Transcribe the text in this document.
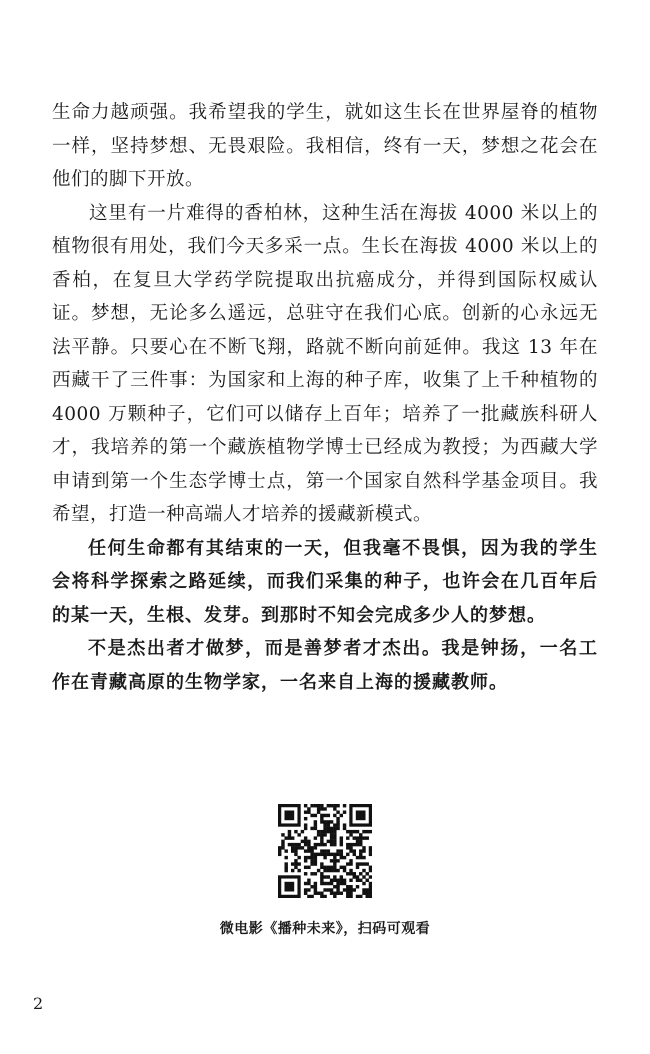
生命力越顽强。我希望我的学生，就如这生长在世界屋脊的植物一样，坚持梦想、无畏艰险。我相信，终有一天，梦想之花会在他们的脚下开放。

这里有一片难得的香柏林，这种生活在海拔 4000 米以上的植物很有用处，我们今天多采一点。生长在海拔 4000 米以上的香柏，在复旦大学药学院提取出抗癌成分，并得到国际权威认证。梦想，无论多么遥远，总驻守在我们心底。创新的心永远无法平静。只要心在不断飞翔，路就不断向前延伸。我这 13 年在西藏干了三件事：为国家和上海的种子库，收集了上千种植物的 4000 万颗种子，它们可以储存上百年；培养了一批藏族科研人才，我培养的第一个藏族植物学博士已经成为教授；为西藏大学申请到第一个生态学博士点，第一个国家自然科学基金项目。我希望，打造一种高端人才培养的援藏新模式。

任何生命都有其结束的一天，但我毫不畏惧，因为我的学生会将科学探索之路延续，而我们采集的种子，也许会在几百年后的某一天，生根、发芽。到那时不知会完成多少人的梦想。

不是杰出者才做梦，而是善梦者才杰出。我是钟扬，一名工作在青藏高原的生物学家，一名来自上海的援藏教师。

微电影《播种未来》，扫码可观看
2
